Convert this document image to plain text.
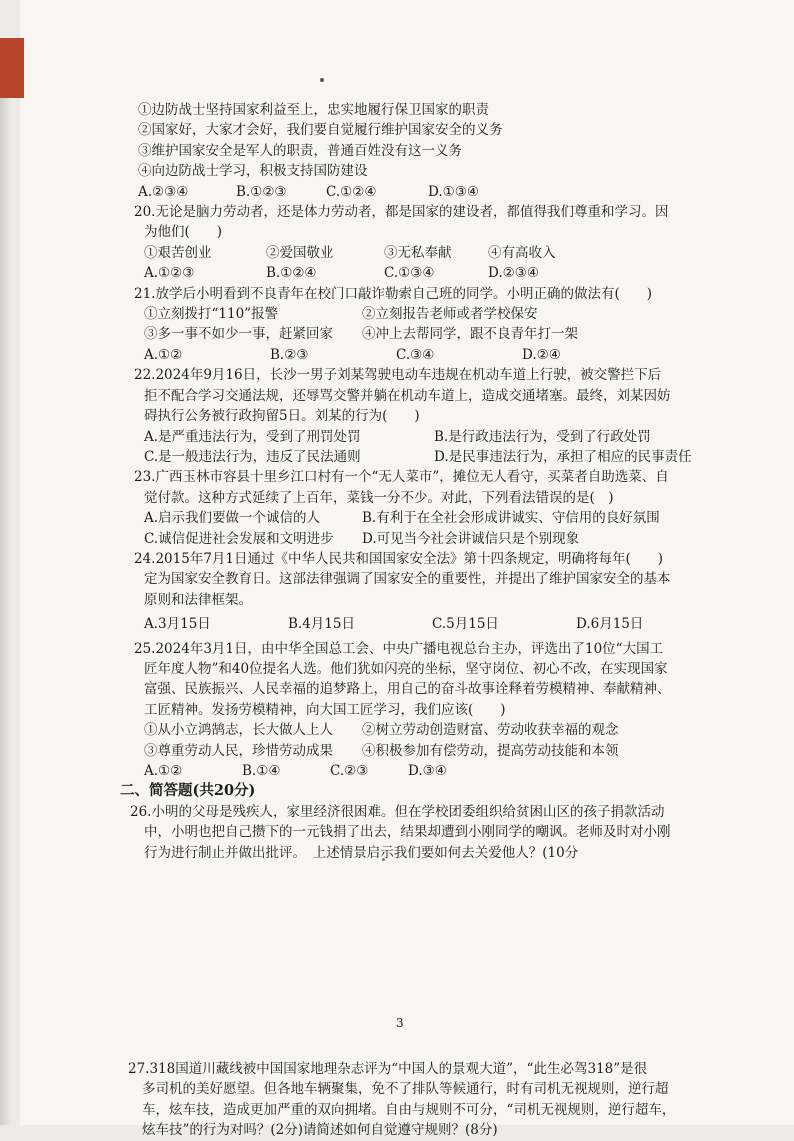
①边防战士坚持国家利益至上，忠实地履行保卫国家的职责
②国家好，大家才会好，我们要自觉履行维护国家安全的义务
③维护国家安全是军人的职责，普通百姓没有这一义务
④向边防战士学习，积极支持国防建设
A.②③④	B.①②③	C.①②④	D.①③④
20.无论是脑力劳动者，还是体力劳动者，都是国家的建设者，都值得我们尊重和学习。因
为他们(　　)
①艰苦创业	②爱国敬业	③无私奉献	④有高收入
A.①②③	B.①②④	C.①③④	D.②③④
21.放学后小明看到不良青年在校门口敲诈勒索自己班的同学。小明正确的做法有(　　)
①立刻拨打“110”报警	②立刻报告老师或者学校保安
③多一事不如少一事，赶紧回家	④冲上去帮同学，跟不良青年打一架
A.①②	B.②③	C.③④	D.②④
22.2024年9月16日，长沙一男子刘某驾驶电动车违规在机动车道上行驶，被交警拦下后
拒不配合学习交通法规，还辱骂交警并躺在机动车道上，造成交通堵塞。最终，刘某因妨
碍执行公务被行政拘留5日。刘某的行为(　　)
A.是严重违法行为，受到了刑罚处罚	B.是行政违法行为，受到了行政处罚
C.是一般违法行为，违反了民法通则	D.是民事违法行为，承担了相应的民事责任
23.广西玉林市容县十里乡江口村有一个“无人菜市”，摊位无人看守，买菜者自助选菜、自
觉付款。这种方式延续了上百年，菜钱一分不少。对此，下列看法错误的是(　)
A.启示我们要做一个诚信的人	B.有利于在全社会形成讲诚实、守信用的良好氛围
C.诚信促进社会发展和文明进步	D.可见当今社会讲诚信只是个别现象
24.2015年7月1日通过《中华人民共和国国家安全法》第十四条规定，明确将每年(　　)
定为国家安全教育日。这部法律强调了国家安全的重要性，并提出了维护国家安全的基本
原则和法律框架。
A.3月15日	B.4月15日	C.5月15日	D.6月15日
25.2024年3月1日，由中华全国总工会、中央广播电视总台主办，评选出了10位“大国工
匠年度人物”和40位提名人选。他们犹如闪亮的坐标，坚守岗位、初心不改，在实现国家
富强、民族振兴、人民幸福的追梦路上，用自己的奋斗故事诠释着劳模精神、奉献精神、
工匠精神。发扬劳模精神，向大国工匠学习，我们应该(　　)
①从小立鸿鹄志，长大做人上人	②树立劳动创造财富、劳动收获幸福的观念
③尊重劳动人民，珍惜劳动成果	④积极参加有偿劳动，提高劳动技能和本领
A.①②	B.①④	C.②③	D.③④
二、简答题(共20分)
26.小明的父母是残疾人，家里经济很困难。但在学校团委组织给贫困山区的孩子捐款活动
中，小明也把自己攒下的一元钱捐了出去，结果却遭到小刚同学的嘲讽。老师及时对小刚
行为进行制止并做出批评。　上述情景启示我们要如何去关爱他人？(10分
27.318国道川藏线被中国国家地理杂志评为“中国人的景观大道”，“此生必驾318”是很
多司机的美好愿望。但各地车辆聚集，免不了排队等候通行，时有司机无视规则，逆行超
车，炫车技，造成更加严重的双向拥堵。自由与规则不可分，“司机无视规则，逆行超车，
炫车技”的行为对吗？(2分)请简述如何自觉遵守规则？(8分)
3
